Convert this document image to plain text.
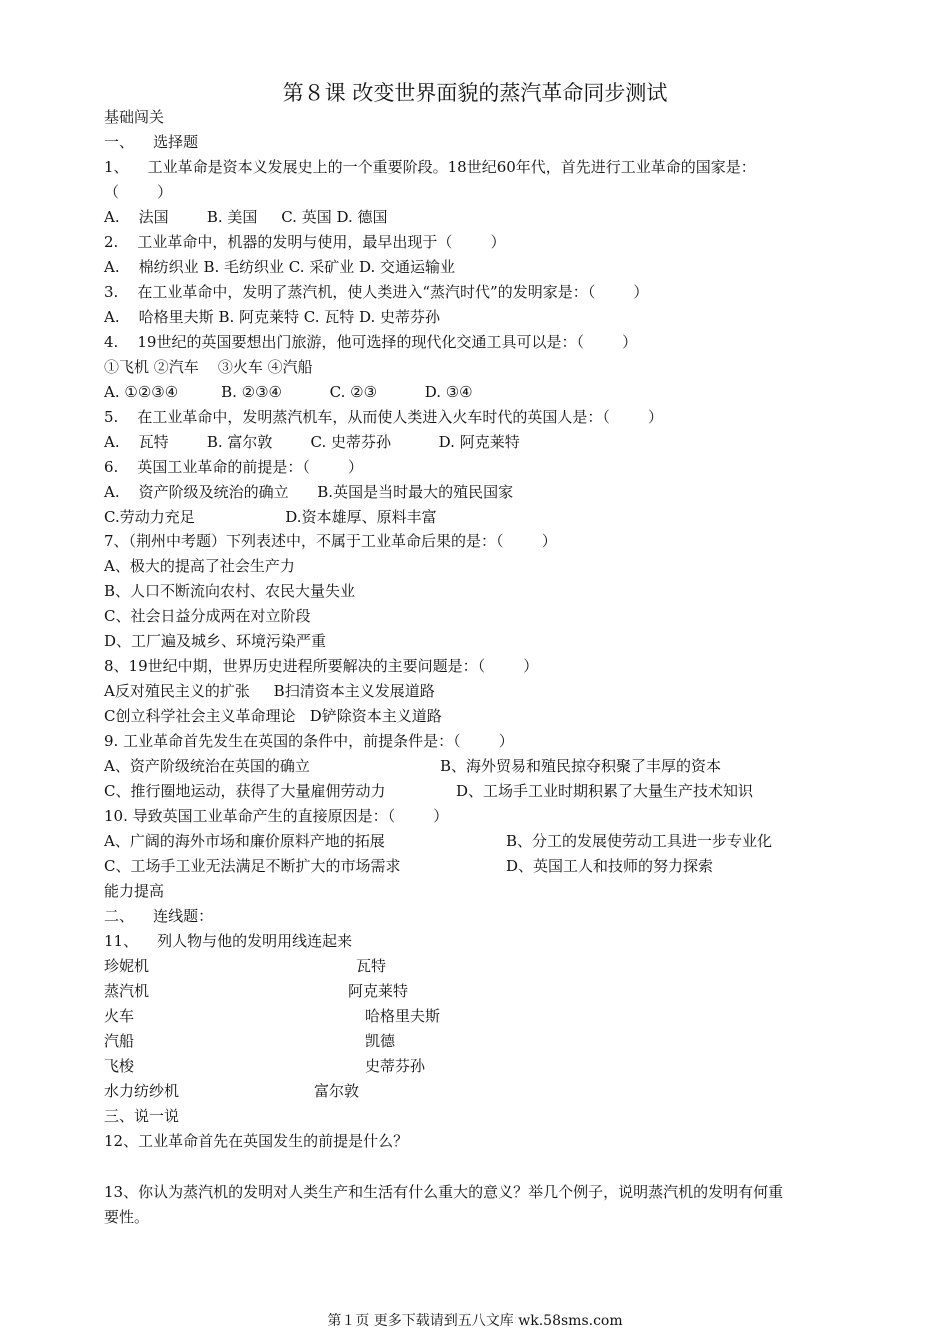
第８课 改变世界面貌的蒸汽革命同步测试
基础闯关
一、    选择题
1、    工业革命是资本义发展史上的一个重要阶段。18世纪60年代，首先进行工业革命的国家是：
（        ）
A.    法国        B. 美国     C. 英国 D. 德国
2.    工业革命中，机器的发明与使用，最早出现于（        ）
A.    棉纺织业 B. 毛纺织业 C. 采矿业 D. 交通运输业
3.    在工业革命中，发明了蒸汽机，使人类进入“蒸汽时代”的发明家是：（        ）
A.    哈格里夫斯 B. 阿克莱特 C. 瓦特 D. 史蒂芬孙
4.    19世纪的英国要想出门旅游，他可选择的现代化交通工具可以是：（        ）
①飞机 ②汽车    ③火车 ④汽船
A. ①②③④         B. ②③④          C. ②③          D. ③④
5.    在工业革命中，发明蒸汽机车，从而使人类进入火车时代的英国人是：（        ）
A.    瓦特        B. 富尔敦        C. 史蒂芬孙          D. 阿克莱特
6.    英国工业革命的前提是：（        ）
A.    资产阶级及统治的确立      B.英国是当时最大的殖民国家
C.劳动力充足                   D.资本雄厚、原料丰富
7、（荆州中考题）下列表述中，不属于工业革命后果的是：（        ）
A、极大的提高了社会生产力
B、人口不断流向农村、农民大量失业
C、社会日益分成两在对立阶段
D、工厂遍及城乡、环境污染严重
8、19世纪中期，世界历史进程所要解决的主要问题是：（        ）
A反对殖民主义的扩张     B扫清资本主义发展道路
C创立科学社会主义革命理论   D铲除资本主义道路
9. 工业革命首先发生在英国的条件中，前提条件是：（        ）
A、资产阶级统治在英国的确立	B、海外贸易和殖民掠夺积聚了丰厚的资本
C、推行圈地运动，获得了大量雇佣劳动力	D、工场手工业时期积累了大量生产技术知识
10. 导致英国工业革命产生的直接原因是：（        ）
A、广阔的海外市场和廉价原料产地的拓展	B、分工的发展使劳动工具进一步专业化
C、工场手工业无法满足不断扩大的市场需求	D、英国工人和技师的努力探索
能力提高
二、    连线题：
11、    列人物与他的发明用线连起来
珍妮机	瓦特
蒸汽机	阿克莱特
火车	哈格里夫斯
汽船	凯德
飞梭	史蒂芬孙
水力纺纱机	富尔敦
三、说一说
12、工业革命首先在英国发生的前提是什么？
13、你认为蒸汽机的发明对人类生产和生活有什么重大的意义？举几个例子，说明蒸汽机的发明有何重
要性。
第１页 更多下载请到五八文库 wk.58sms.com
